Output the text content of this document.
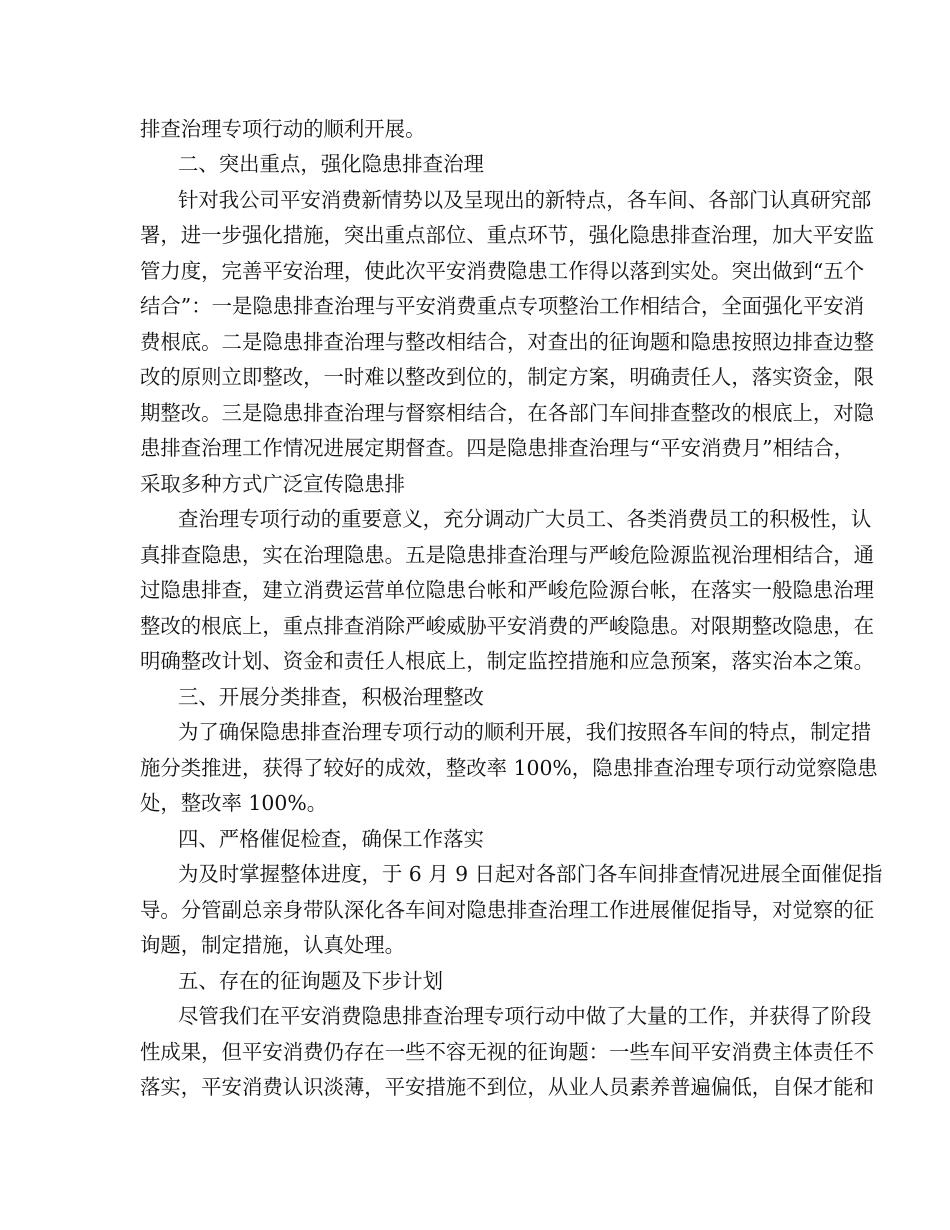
排查治理专项行动的顺利开展。
二、突出重点，强化隐患排查治理
针对我公司平安消费新情势以及呈现出的新特点，各车间、各部门认真研究部
署，进一步强化措施，突出重点部位、重点环节，强化隐患排查治理，加大平安监
管力度，完善平安治理，使此次平安消费隐患工作得以落到实处。突出做到“五个
结合”：一是隐患排查治理与平安消费重点专项整治工作相结合，全面强化平安消
费根底。二是隐患排查治理与整改相结合，对查出的征询题和隐患按照边排查边整
改的原则立即整改，一时难以整改到位的，制定方案，明确责任人，落实资金，限
期整改。三是隐患排查治理与督察相结合，在各部门车间排查整改的根底上，对隐
患排查治理工作情况进展定期督查。四是隐患排查治理与“平安消费月”相结合，
采取多种方式广泛宣传隐患排
查治理专项行动的重要意义，充分调动广大员工、各类消费员工的积极性，认
真排查隐患，实在治理隐患。五是隐患排查治理与严峻危险源监视治理相结合，通
过隐患排查，建立消费运营单位隐患台帐和严峻危险源台帐，在落实一般隐患治理
整改的根底上，重点排查消除严峻威胁平安消费的严峻隐患。对限期整改隐患，在
明确整改计划、资金和责任人根底上，制定监控措施和应急预案，落实治本之策。
三、开展分类排查，积极治理整改
为了确保隐患排查治理专项行动的顺利开展，我们按照各车间的特点，制定措
施分类推进，获得了较好的成效，整改率 100%，隐患排查治理专项行动觉察隐患
处，整改率 100%。
四、严格催促检查，确保工作落实
为及时掌握整体进度，于 6 月 9 日起对各部门各车间排查情况进展全面催促指
导。分管副总亲身带队深化各车间对隐患排查治理工作进展催促指导，对觉察的征
询题，制定措施，认真处理。
五、存在的征询题及下步计划
尽管我们在平安消费隐患排查治理专项行动中做了大量的工作，并获得了阶段
性成果，但平安消费仍存在一些不容无视的征询题：一些车间平安消费主体责任不
落实，平安消费认识淡薄，平安措施不到位，从业人员素养普遍偏低，自保才能和
